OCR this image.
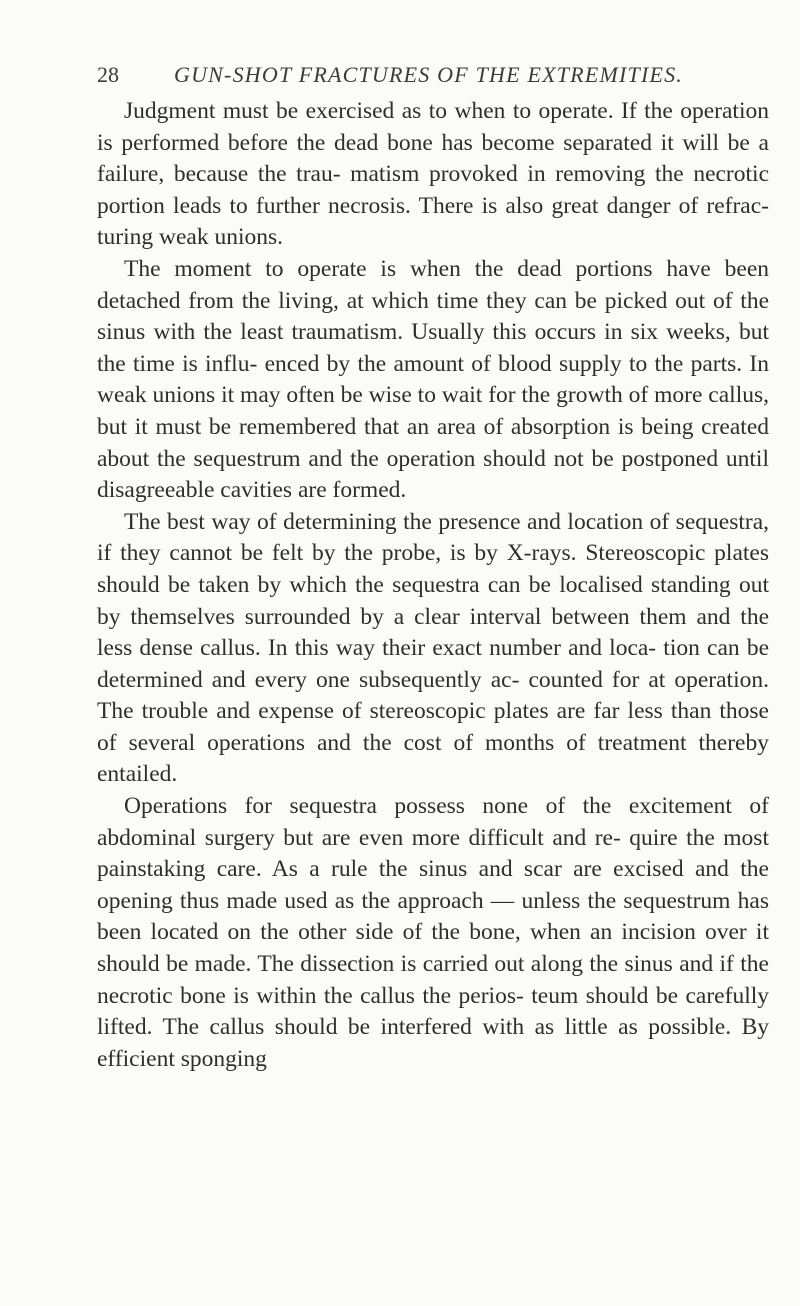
28	GUN-SHOT FRACTURES OF THE EXTREMITIES.

Judgment must be exercised as to when to operate. If the operation is performed before the dead bone has become separated it will be a failure, because the trau- matism provoked in removing the necrotic portion leads to further necrosis. There is also great danger of refrac- turing weak unions.

The moment to operate is when the dead portions have been detached from the living, at which time they can be picked out of the sinus with the least traumatism. Usually this occurs in six weeks, but the time is influ- enced by the amount of blood supply to the parts. In weak unions it may often be wise to wait for the growth of more callus, but it must be remembered that an area of absorption is being created about the sequestrum and the operation should not be postponed until disagreeable cavities are formed.

The best way of determining the presence and location of sequestra, if they cannot be felt by the probe, is by X-rays. Stereoscopic plates should be taken by which the sequestra can be localised standing out by themselves surrounded by a clear interval between them and the less dense callus. In this way their exact number and loca- tion can be determined and every one subsequently ac- counted for at operation. The trouble and expense of stereoscopic plates are far less than those of several operations and the cost of months of treatment thereby entailed.

Operations for sequestra possess none of the excitement of abdominal surgery but are even more difficult and re- quire the most painstaking care. As a rule the sinus and scar are excised and the opening thus made used as the approach — unless the sequestrum has been located on the other side of the bone, when an incision over it should be made. The dissection is carried out along the sinus and if the necrotic bone is within the callus the perios- teum should be carefully lifted. The callus should be interfered with as little as possible. By efficient sponging
